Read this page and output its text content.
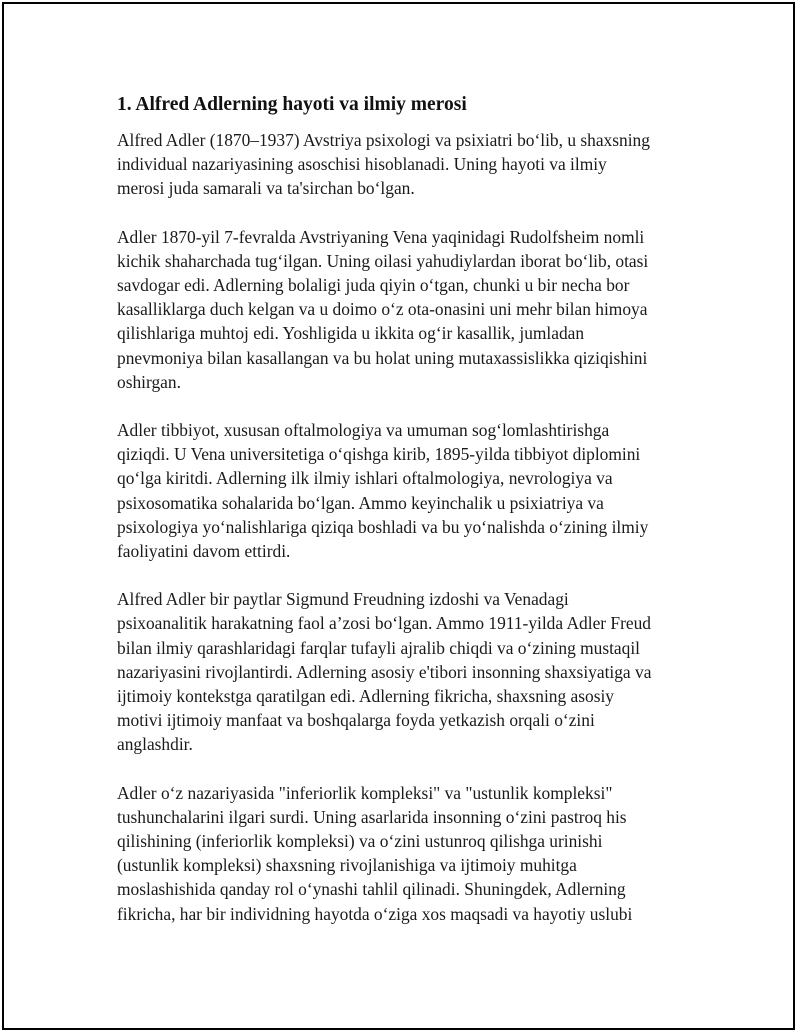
1. Alfred Adlerning hayoti va ilmiy merosi

Alfred Adler (1870–1937) Avstriya psixologi va psixiatri bo‘lib, u shaxsning
individual nazariyasining asoschisi hisoblanadi. Uning hayoti va ilmiy
merosi juda samarali va ta'sirchan bo‘lgan.

Adler 1870-yil 7-fevralda Avstriyaning Vena yaqinidagi Rudolfsheim nomli
kichik shaharchada tug‘ilgan. Uning oilasi yahudiylardan iborat bo‘lib, otasi
savdogar edi. Adlerning bolaligi juda qiyin o‘tgan, chunki u bir necha bor
kasalliklarga duch kelgan va u doimo o‘z ota-onasini uni mehr bilan himoya
qilishlariga muhtoj edi. Yoshligida u ikkita og‘ir kasallik, jumladan
pnevmoniya bilan kasallangan va bu holat uning mutaxassislikka qiziqishini
oshirgan.

Adler tibbiyot, xususan oftalmologiya va umuman sog‘lomlashtirishga
qiziqdi. U Vena universitetiga o‘qishga kirib, 1895-yilda tibbiyot diplomini
qo‘lga kiritdi. Adlerning ilk ilmiy ishlari oftalmologiya, nevrologiya va
psixosomatika sohalarida bo‘lgan. Ammo keyinchalik u psixiatriya va
psixologiya yo‘nalishlariga qiziqa boshladi va bu yo‘nalishda o‘zining ilmiy
faoliyatini davom ettirdi.

Alfred Adler bir paytlar Sigmund Freudning izdoshi va Venadagi
psixoanalitik harakatning faol a’zosi bo‘lgan. Ammo 1911-yilda Adler Freud
bilan ilmiy qarashlaridagi farqlar tufayli ajralib chiqdi va o‘zining mustaqil
nazariyasini rivojlantirdi. Adlerning asosiy e'tibori insonning shaxsiyatiga va
ijtimoiy kontekstga qaratilgan edi. Adlerning fikricha, shaxsning asosiy
motivi ijtimoiy manfaat va boshqalarga foyda yetkazish orqali o‘zini
anglashdir.

Adler o‘z nazariyasida "inferiorlik kompleksi" va "ustunlik kompleksi"
tushunchalarini ilgari surdi. Uning asarlarida insonning o‘zini pastroq his
qilishining (inferiorlik kompleksi) va o‘zini ustunroq qilishga urinishi
(ustunlik kompleksi) shaxsning rivojlanishiga va ijtimoiy muhitga
moslashishida qanday rol o‘ynashi tahlil qilinadi. Shuningdek, Adlerning
fikricha, har bir individning hayotda o‘ziga xos maqsadi va hayotiy uslubi
